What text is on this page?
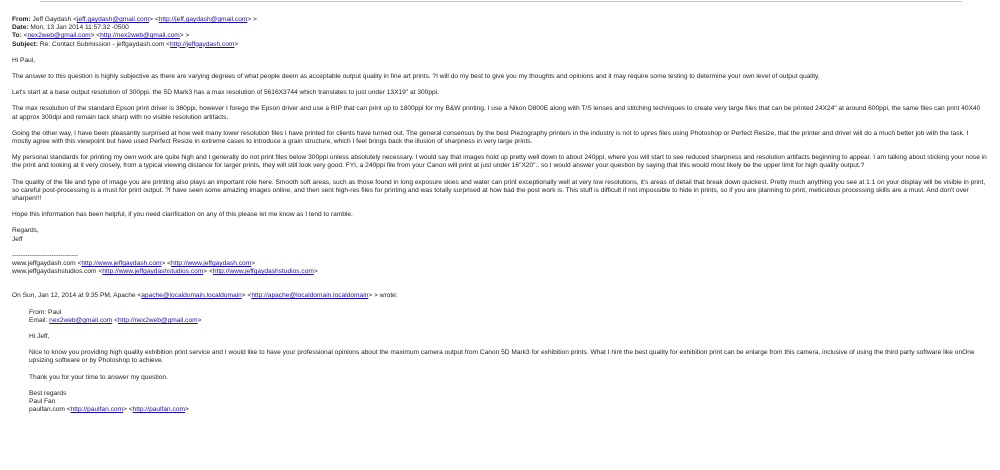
From: Jeff Gaydash <jeff.gaydash@gmail.com> <http://jeff.gaydash@gmail.com> >
Date: Mon, 13 Jan 2014 11:57:32 -0500
To: <nex2web@gmail.com> <http://nex2web@gmail.com> >
Subject: Re: Contact Submission - jeffgaydash.com <http://jeffgaydash.com>
Hi Paul,

The answer to this question is highly subjective as there are varying degrees of what people deem as acceptable output quality in fine art prints. ?I will do my best to give you my thoughts and opinions and it may require some testing to determine your own level of output quality.

Let's start at a base output resolution of 300ppi. the 5D Mark3 has a max resolution of 5616X3744 which translates to just under 13X19" at 300ppi.

The max resolution of the standard Epson print driver is 360ppi, however I forego the Epson driver and use a RIP that can print up to 1800ppi for my B&W printing. I use a Nikon D800E along with T/S lenses and stitching techniques to create very large files that can be printed 24X24" at around 600ppi, the same files can print 40X40 at approx 300dpi and remain tack sharp with no visible resolution artifacts.

Going the other way, I have been pleasantly surprised at how well many lower resolution files I have printed for clients have turned out. The general consensus by the best Piezography printers in the industry is not to upres files using Photoshop or Perfect Resize, that the printer and driver will do a much better job with the task. I mostly agree with this viewpoint but have used Perfect Resize in extreme cases to introduce a grain structure, which I feel brings back the illusion of sharpness in very large prints.

My personal standards for printing my own work are quite high and I generally do not print files below 300ppi unless absolutely necessary. I would say that images hold up pretty well down to about 240ppi, where you will start to see reduced sharpness and resolution artifacts beginning to appear. I am talking about sticking your nose in the print and looking at it very closely, from a typical viewing distance for larger prints, they will still look very good. FYI, a 240ppi file from your Canon will print at just under 16"X20".. so I would answer your question by saying that this would most likely be the upper limit for high quality output.?

The quality of the file and type of image you are printing also plays an important role here. Smooth soft areas, such as those found in long exposure skies and water can print exceptionally well at very low resolutions, it's areas of detail that break down quickest. Pretty much anything you see at 1:1 on your display will be visible in print, so careful post-processing is a must for print output. ?I have seen some amazing images online, and then sent high-res files for printing and was totally surprised at how bad the post work is. This stuff is difficult if not impossible to hide in prints, so if you are planning to print, meticulous processing skills are a must. And don't over sharpen!!!

Hope this information has been helpful, if you need clarification on any of this please let me know as I tend to ramble.

Regards,
Jeff
------------------------------
www.jeffgaydash.com <http://www.jeffgaydash.com> <http://www.jeffgaydash.com>
www.jeffgaydashstudios.com <http://www.jeffgaydashstudios.com> <http://www.jeffgaydashstudios.com>
On Sun, Jan 12, 2014 at 9:35 PM, Apache <apache@localdomain.localdomain> <http://apache@localdomain.localdomain> > wrote:
From: Paul
Email: nex2web@gmail.com <http://nex2web@gmail.com>
Hi Jeff,

Nice to know you providing high quality exhibition print service and I would like to have your professional opinions about the maximum camera output from Canon 5D Mark3 for exhibition prints. What I hint the best quality for exhibition print can be enlarge from this camera, inclusive of using the third party software like onOne upsizing software or by Photoshop to achieve.

Thank you for your time to answer my question.
Best regards
Paul Fan
paulfan.com <http://paulfan.com> <http://paulfan.com>
